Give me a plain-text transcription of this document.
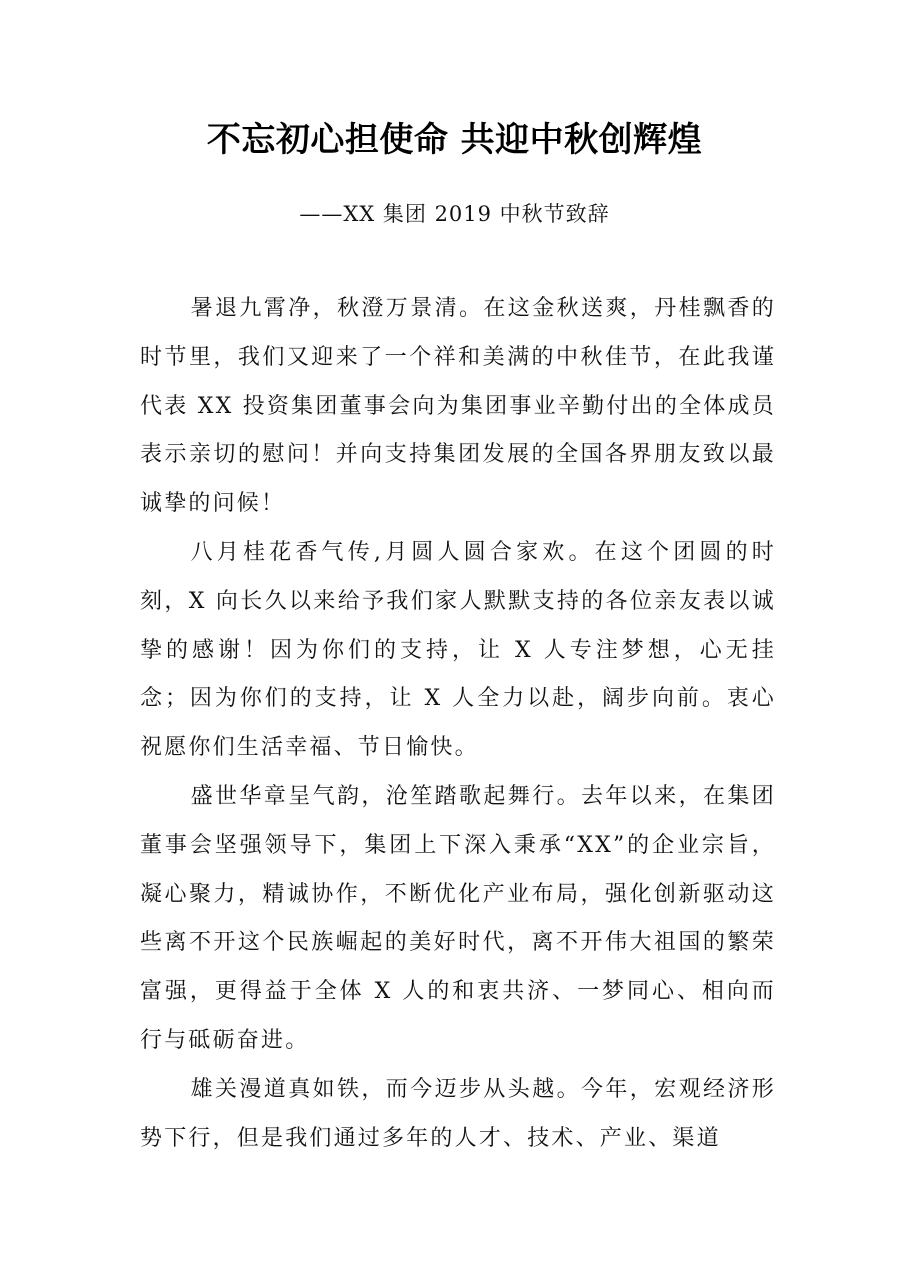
不忘初心担使命 共迎中秋创辉煌
——XX 集团 2019 中秋节致辞

暑退九霄净，秋澄万景清。在这金秋送爽，丹桂飘香的时节里，我们又迎来了一个祥和美满的中秋佳节，在此我谨代表 XX 投资集团董事会向为集团事业辛勤付出的全体成员表示亲切的慰问！并向支持集团发展的全国各界朋友致以最诚挚的问候！

八月桂花香气传,月圆人圆合家欢。在这个团圆的时刻，X 向长久以来给予我们家人默默支持的各位亲友表以诚挚的感谢！因为你们的支持，让 X 人专注梦想，心无挂念；因为你们的支持，让 X 人全力以赴，阔步向前。衷心祝愿你们生活幸福、节日愉快。

盛世华章呈气韵，沧笙踏歌起舞行。去年以来，在集团董事会坚强领导下，集团上下深入秉承“XX”的企业宗旨，凝心聚力，精诚协作，不断优化产业布局，强化创新驱动这些离不开这个民族崛起的美好时代，离不开伟大祖国的繁荣富强，更得益于全体 X 人的和衷共济、一梦同心、相向而行与砥砺奋进。

雄关漫道真如铁，而今迈步从头越。今年，宏观经济形势下行，但是我们通过多年的人才、技术、产业、渠道
